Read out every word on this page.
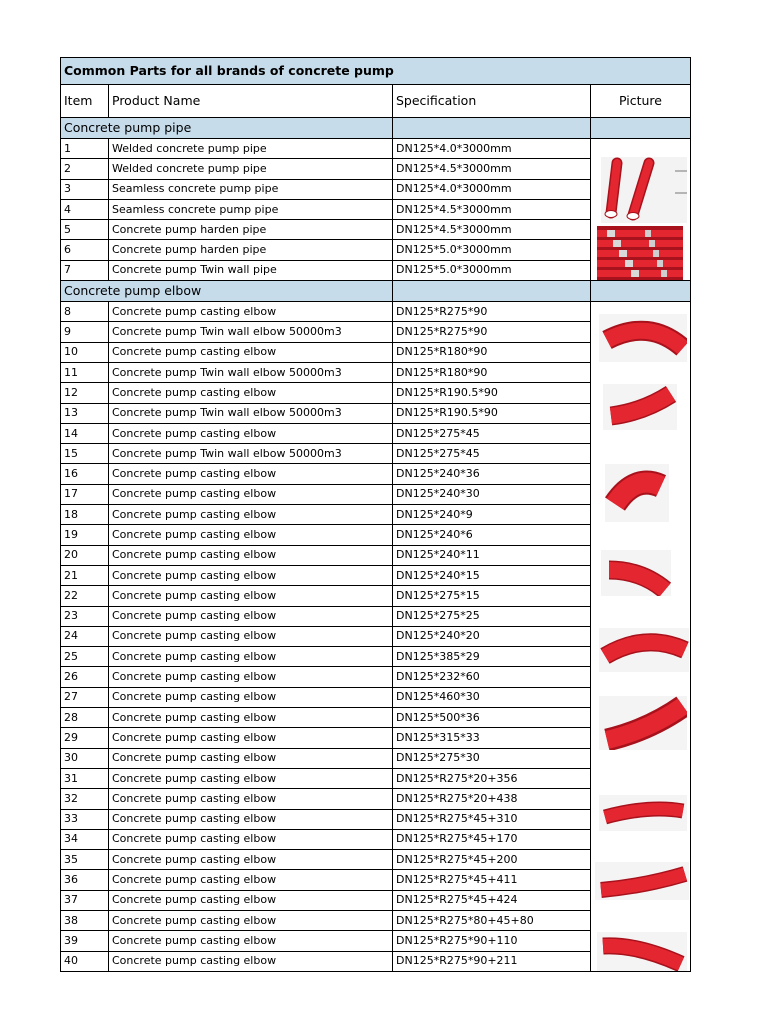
Common Parts for all brands of concrete pump			
Item	Product Name	Specification	Picture
Concrete pump pipe			
1	Welded concrete pump pipe	DN125*4.0*3000mm	

2	Welded concrete pump pipe	DN125*4.5*3000mm	
3	Seamless concrete pump pipe	DN125*4.0*3000mm	
4	Seamless concrete pump pipe	DN125*4.5*3000mm	
5	Concrete pump harden pipe	DN125*4.5*3000mm	
6	Concrete pump harden pipe	DN125*5.0*3000mm	
7	Concrete pump Twin wall pipe	DN125*5.0*3000mm	
Concrete pump elbow			
8	Concrete pump casting elbow	DN125*R275*90	

9	Concrete pump Twin wall elbow 50000m3	DN125*R275*90	
10	Concrete pump casting elbow	DN125*R180*90	
11	Concrete pump Twin wall elbow 50000m3	DN125*R180*90	
12	Concrete pump casting elbow	DN125*R190.5*90	
13	Concrete pump Twin wall elbow 50000m3	DN125*R190.5*90	
14	Concrete pump casting elbow	DN125*275*45	
15	Concrete pump Twin wall elbow 50000m3	DN125*275*45	
16	Concrete pump casting elbow	DN125*240*36	
17	Concrete pump casting elbow	DN125*240*30	
18	Concrete pump casting elbow	DN125*240*9	
19	Concrete pump casting elbow	DN125*240*6	
20	Concrete pump casting elbow	DN125*240*11	
21	Concrete pump casting elbow	DN125*240*15	
22	Concrete pump casting elbow	DN125*275*15	
23	Concrete pump casting elbow	DN125*275*25	
24	Concrete pump casting elbow	DN125*240*20	
25	Concrete pump casting elbow	DN125*385*29	
26	Concrete pump casting elbow	DN125*232*60	
27	Concrete pump casting elbow	DN125*460*30	
28	Concrete pump casting elbow	DN125*500*36	
29	Concrete pump casting elbow	DN125*315*33	
30	Concrete pump casting elbow	DN125*275*30	
31	Concrete pump casting elbow	DN125*R275*20+356	
32	Concrete pump casting elbow	DN125*R275*20+438	
33	Concrete pump casting elbow	DN125*R275*45+310	
34	Concrete pump casting elbow	DN125*R275*45+170	
35	Concrete pump casting elbow	DN125*R275*45+200	
36	Concrete pump casting elbow	DN125*R275*45+411	
37	Concrete pump casting elbow	DN125*R275*45+424	
38	Concrete pump casting elbow	DN125*R275*80+45+80	
39	Concrete pump casting elbow	DN125*R275*90+110	
40	Concrete pump casting elbow	DN125*R275*90+211	
